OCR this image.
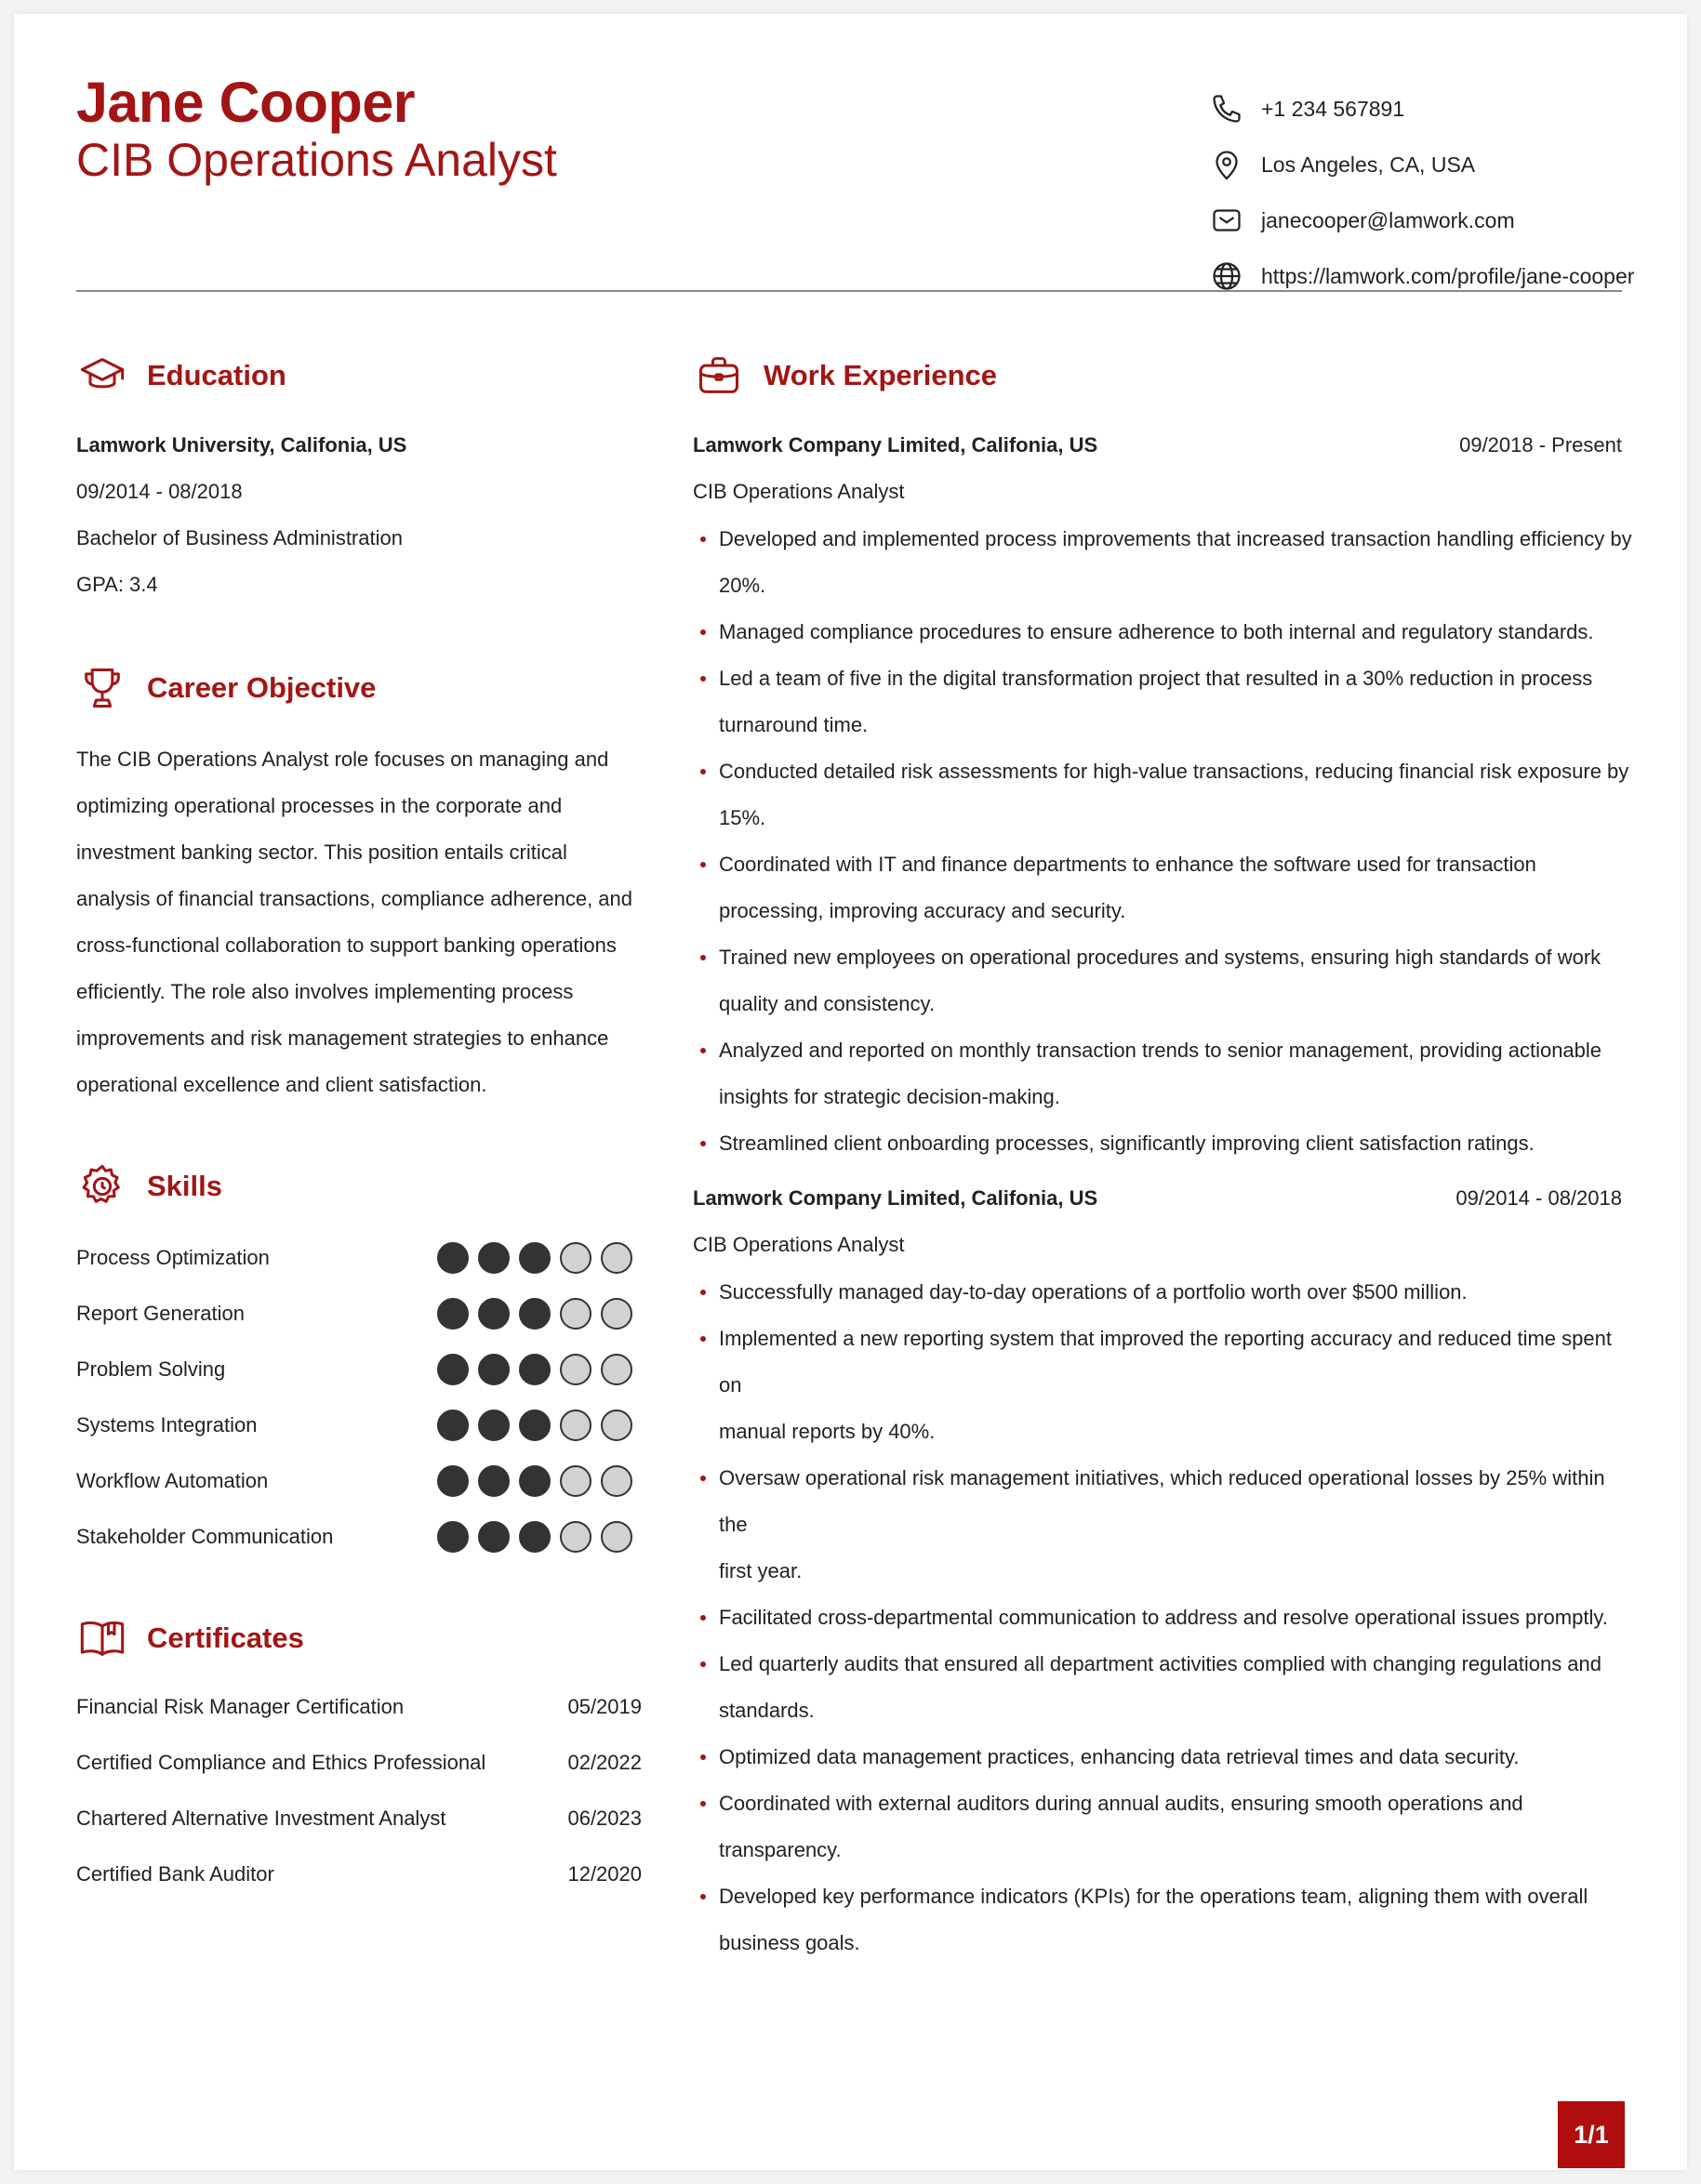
Jane Cooper
CIB Operations Analyst
+1 234 567891
Los Angeles, CA, USA
janecooper@lamwork.com
https://lamwork.com/profile/jane-cooper
Education
Lamwork University, Califonia, US
09/2014 - 08/2018
Bachelor of Business Administration
GPA: 3.4
Career Objective
The CIB Operations Analyst role focuses on managing and
optimizing operational processes in the corporate and
investment banking sector. This position entails critical
analysis of financial transactions, compliance adherence, and
cross-functional collaboration to support banking operations
efficiently. The role also involves implementing process
improvements and risk management strategies to enhance
operational excellence and client satisfaction.
Skills
Process Optimization
Report Generation
Problem Solving
Systems Integration
Workflow Automation
Stakeholder Communication
Certificates
Financial Risk Manager Certification	05/2019
Certified Compliance and Ethics Professional	02/2022
Chartered Alternative Investment Analyst	06/2023
Certified Bank Auditor	12/2020
Work Experience
Lamwork Company Limited, Califonia, US	09/2018 - Present
CIB Operations Analyst
Developed and implemented process improvements that increased transaction handling efficiency by
20%.
Managed compliance procedures to ensure adherence to both internal and regulatory standards.
Led a team of five in the digital transformation project that resulted in a 30% reduction in process
turnaround time.
Conducted detailed risk assessments for high-value transactions, reducing financial risk exposure by
15%.
Coordinated with IT and finance departments to enhance the software used for transaction
processing, improving accuracy and security.
Trained new employees on operational procedures and systems, ensuring high standards of work
quality and consistency.
Analyzed and reported on monthly transaction trends to senior management, providing actionable
insights for strategic decision-making.
Streamlined client onboarding processes, significantly improving client satisfaction ratings.
Lamwork Company Limited, Califonia, US	09/2014 - 08/2018
CIB Operations Analyst
Successfully managed day-to-day operations of a portfolio worth over $500 million.
Implemented a new reporting system that improved the reporting accuracy and reduced time spent on
manual reports by 40%.
Oversaw operational risk management initiatives, which reduced operational losses by 25% within the
first year.
Facilitated cross-departmental communication to address and resolve operational issues promptly.
Led quarterly audits that ensured all department activities complied with changing regulations and
standards.
Optimized data management practices, enhancing data retrieval times and data security.
Coordinated with external auditors during annual audits, ensuring smooth operations and
transparency.
Developed key performance indicators (KPIs) for the operations team, aligning them with overall
business goals.
1/1
